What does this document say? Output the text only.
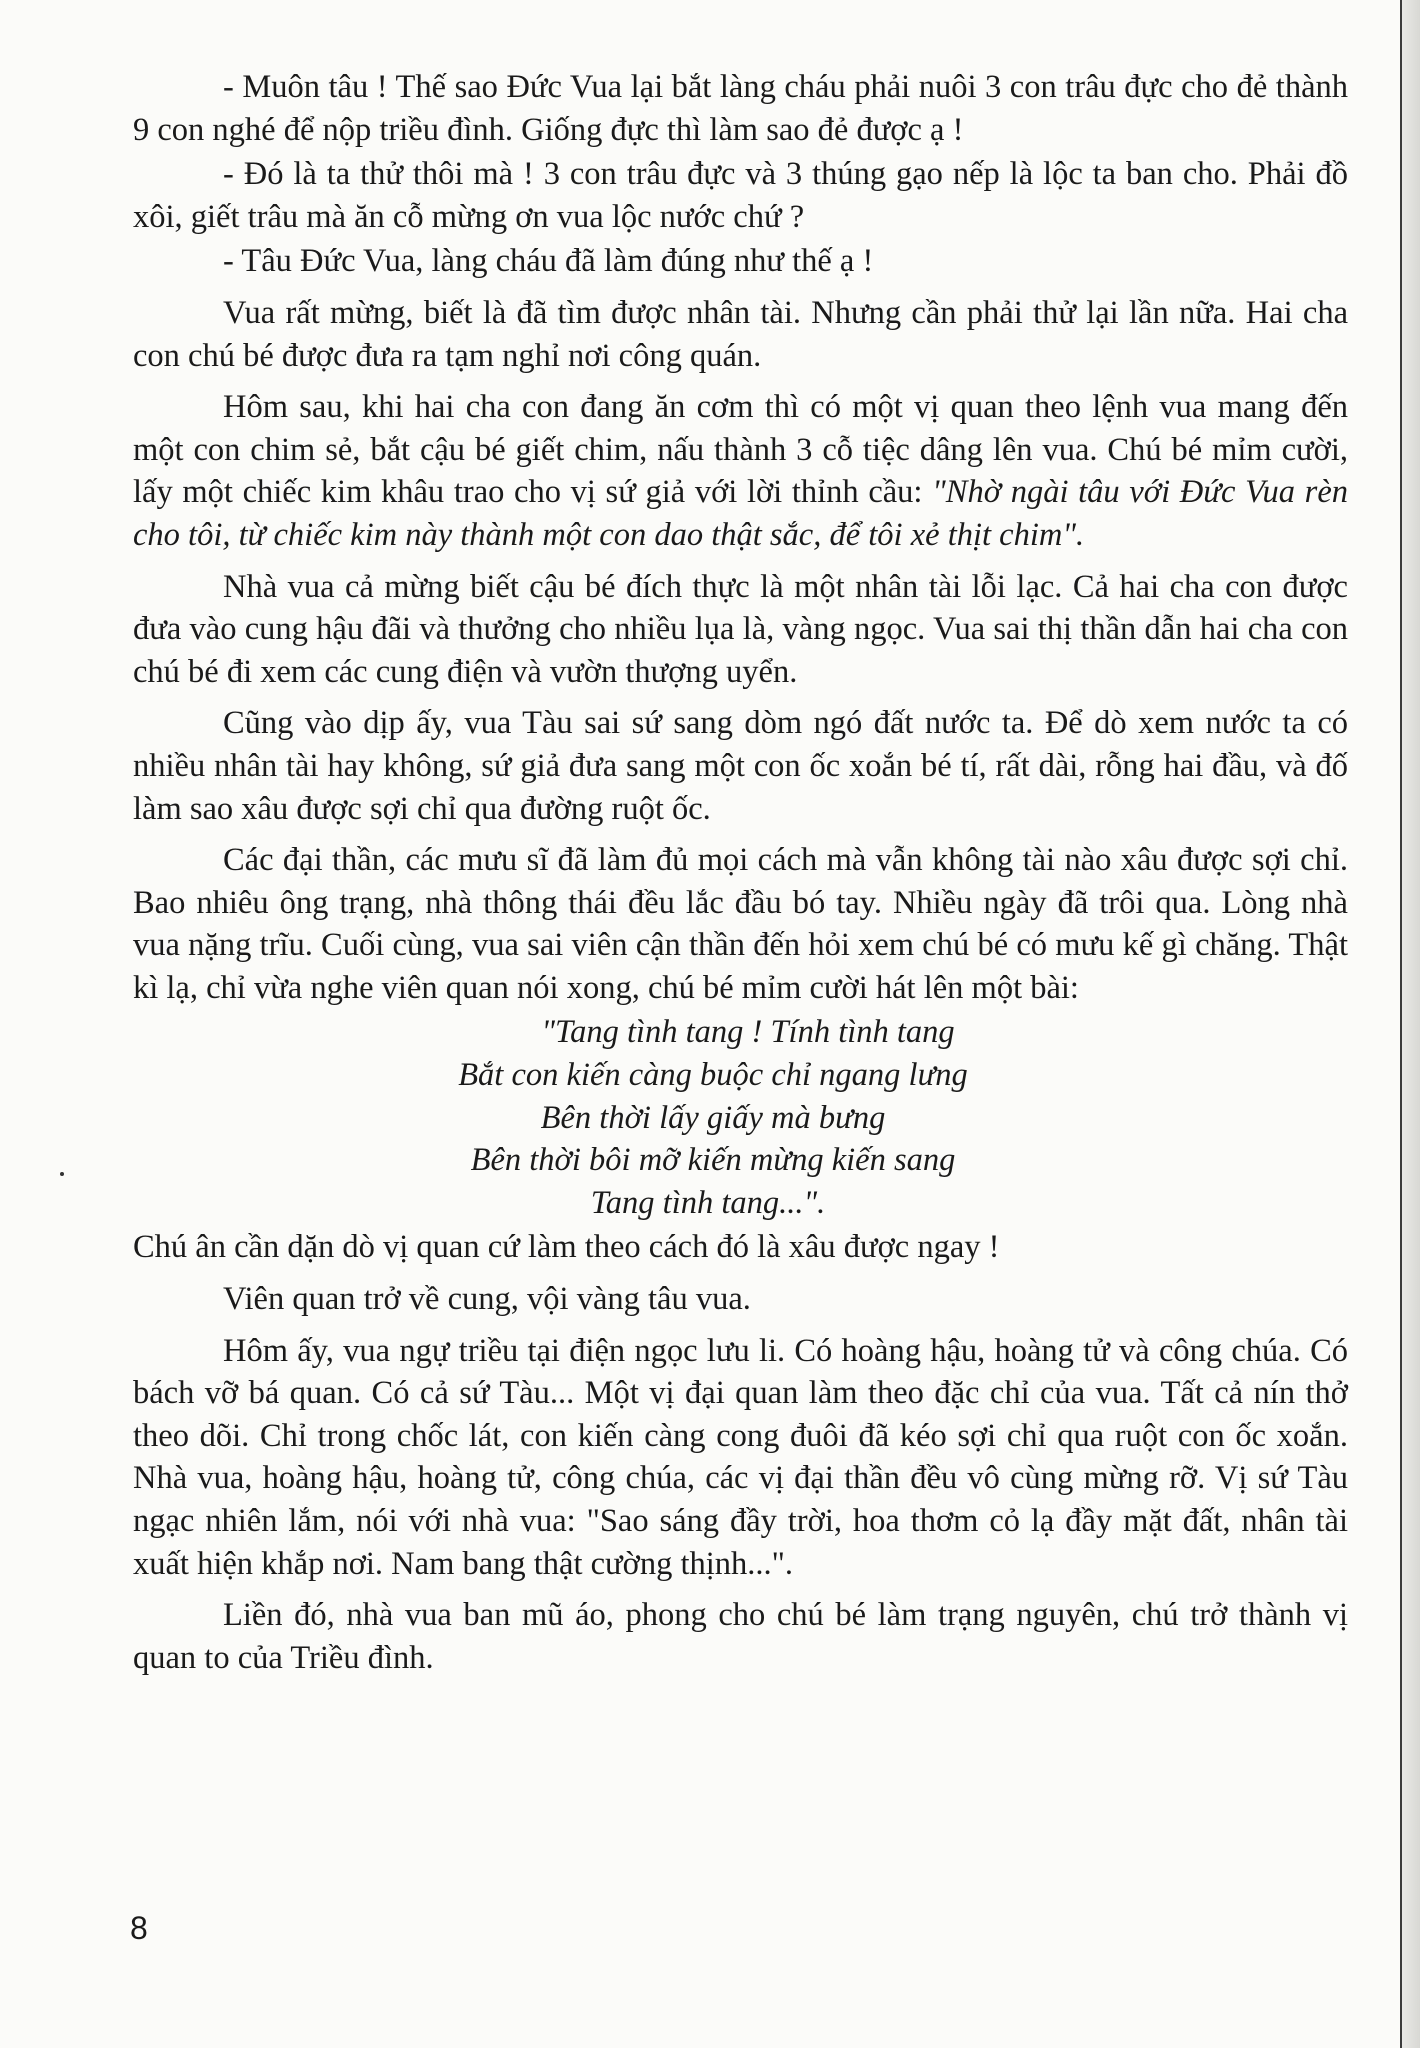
- Muôn tâu ! Thế sao Đức Vua lại bắt làng cháu phải nuôi 3 con trâu đực cho đẻ thành 9 con nghé để nộp triều đình. Giống đực thì làm sao đẻ được ạ !

- Đó là ta thử thôi mà ! 3 con trâu đực và 3 thúng gạo nếp là lộc ta ban cho. Phải đồ xôi, giết trâu mà ăn cỗ mừng ơn vua lộc nước chứ ?

- Tâu Đức Vua, làng cháu đã làm đúng như thế ạ !

Vua rất mừng, biết là đã tìm được nhân tài. Nhưng cần phải thử lại lần nữa. Hai cha con chú bé được đưa ra tạm nghỉ nơi công quán.

Hôm sau, khi hai cha con đang ăn cơm thì có một vị quan theo lệnh vua mang đến một con chim sẻ, bắt cậu bé giết chim, nấu thành 3 cỗ tiệc dâng lên vua. Chú bé mỉm cười, lấy một chiếc kim khâu trao cho vị sứ giả với lời thỉnh cầu: "Nhờ ngài tâu với Đức Vua rèn cho tôi, từ chiếc kim này thành một con dao thật sắc, để tôi xẻ thịt chim".

Nhà vua cả mừng biết cậu bé đích thực là một nhân tài lỗi lạc. Cả hai cha con được đưa vào cung hậu đãi và thưởng cho nhiều lụa là, vàng ngọc. Vua sai thị thần dẫn hai cha con chú bé đi xem các cung điện và vườn thượng uyển.

Cũng vào dịp ấy, vua Tàu sai sứ sang dòm ngó đất nước ta. Để dò xem nước ta có nhiều nhân tài hay không, sứ giả đưa sang một con ốc xoắn bé tí, rất dài, rỗng hai đầu, và đố làm sao xâu được sợi chỉ qua đường ruột ốc.

Các đại thần, các mưu sĩ đã làm đủ mọi cách mà vẫn không tài nào xâu được sợi chỉ. Bao nhiêu ông trạng, nhà thông thái đều lắc đầu bó tay. Nhiều ngày đã trôi qua. Lòng nhà vua nặng trĩu. Cuối cùng, vua sai viên cận thần đến hỏi xem chú bé có mưu kế gì chăng. Thật kì lạ, chỉ vừa nghe viên quan nói xong, chú bé mỉm cười hát lên một bài:

"Tang tình tang ! Tính tình tang
Bắt con kiến càng buộc chỉ ngang lưng
Bên thời lấy giấy mà bưng
Bên thời bôi mỡ kiến mừng kiến sang
Tang tình tang...".

Chú ân cần dặn dò vị quan cứ làm theo cách đó là xâu được ngay !

Viên quan trở về cung, vội vàng tâu vua.

Hôm ấy, vua ngự triều tại điện ngọc lưu li. Có hoàng hậu, hoàng tử và công chúa. Có bách vỡ bá quan. Có cả sứ Tàu... Một vị đại quan làm theo đặc chỉ của vua. Tất cả nín thở theo dõi. Chỉ trong chốc lát, con kiến càng cong đuôi đã kéo sợi chỉ qua ruột con ốc xoắn. Nhà vua, hoàng hậu, hoàng tử, công chúa, các vị đại thần đều vô cùng mừng rỡ. Vị sứ Tàu ngạc nhiên lắm, nói với nhà vua: "Sao sáng đầy trời, hoa thơm cỏ lạ đầy mặt đất, nhân tài xuất hiện khắp nơi. Nam bang thật cường thịnh...".

Liền đó, nhà vua ban mũ áo, phong cho chú bé làm trạng nguyên, chú trở thành vị quan to của Triều đình.

8
